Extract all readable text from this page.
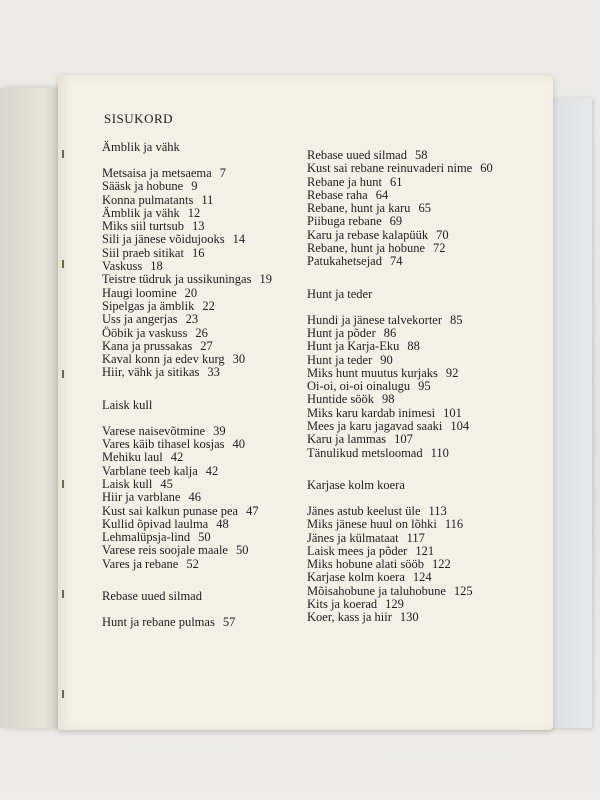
SISUKORD
Ämblik ja vähk
Metsaisa ja metsaema 7
Sääsk ja hobune 9
Konna pulmatants 11
Ämblik ja vähk 12
Miks siil turtsub 13
Sili ja jänese võidujooks 14
Siil praeb sitikat 16
Vaskuss 18
Teistre tüdruk ja ussikuningas 19
Haugi loomine 20
Sipelgas ja ämblik 22
Uss ja angerjas 23
Ööbik ja vaskuss 26
Kana ja prussakas 27
Kaval konn ja edev kurg 30
Hiir, vähk ja sitikas 33
Laisk kull
Varese naisevõtmine 39
Vares käib tihasel kosjas 40
Mehiku laul 42
Varblane teeb kalja 42
Laisk kull 45
Hiir ja varblane 46
Kust sai kalkun punase pea 47
Kullid õpivad laulma 48
Lehmalüpsja-lind 50
Varese reis soojale maale 50
Vares ja rebane 52
Rebase uued silmad
Hunt ja rebane pulmas 57
Rebase uued silmad 58
Kust sai rebane reinuvaderi nime 60
Rebane ja hunt 61
Rebase raha 64
Rebane, hunt ja karu 65
Piibuga rebane 69
Karu ja rebase kalapüük 70
Rebane, hunt ja hobune 72
Patukahetsejad 74
Hunt ja teder
Hundi ja jänese talvekorter 85
Hunt ja põder 86
Hunt ja Karja-Eku 88
Hunt ja teder 90
Miks hunt muutus kurjaks 92
Oi-oi, oi-oi oinalugu 95
Huntide söök 98
Miks karu kardab inimesi 101
Mees ja karu jagavad saaki 104
Karu ja lammas 107
Tänulikud metsloomad 110
Karjase kolm koera
Jänes astub keelust üle 113
Miks jänese huul on lõhki 116
Jänes ja külmataat 117
Laisk mees ja põder 121
Miks hobune alati sööb 122
Karjase kolm koera 124
Mõisahobune ja taluhobune 125
Kits ja koerad 129
Koer, kass ja hiir 130
